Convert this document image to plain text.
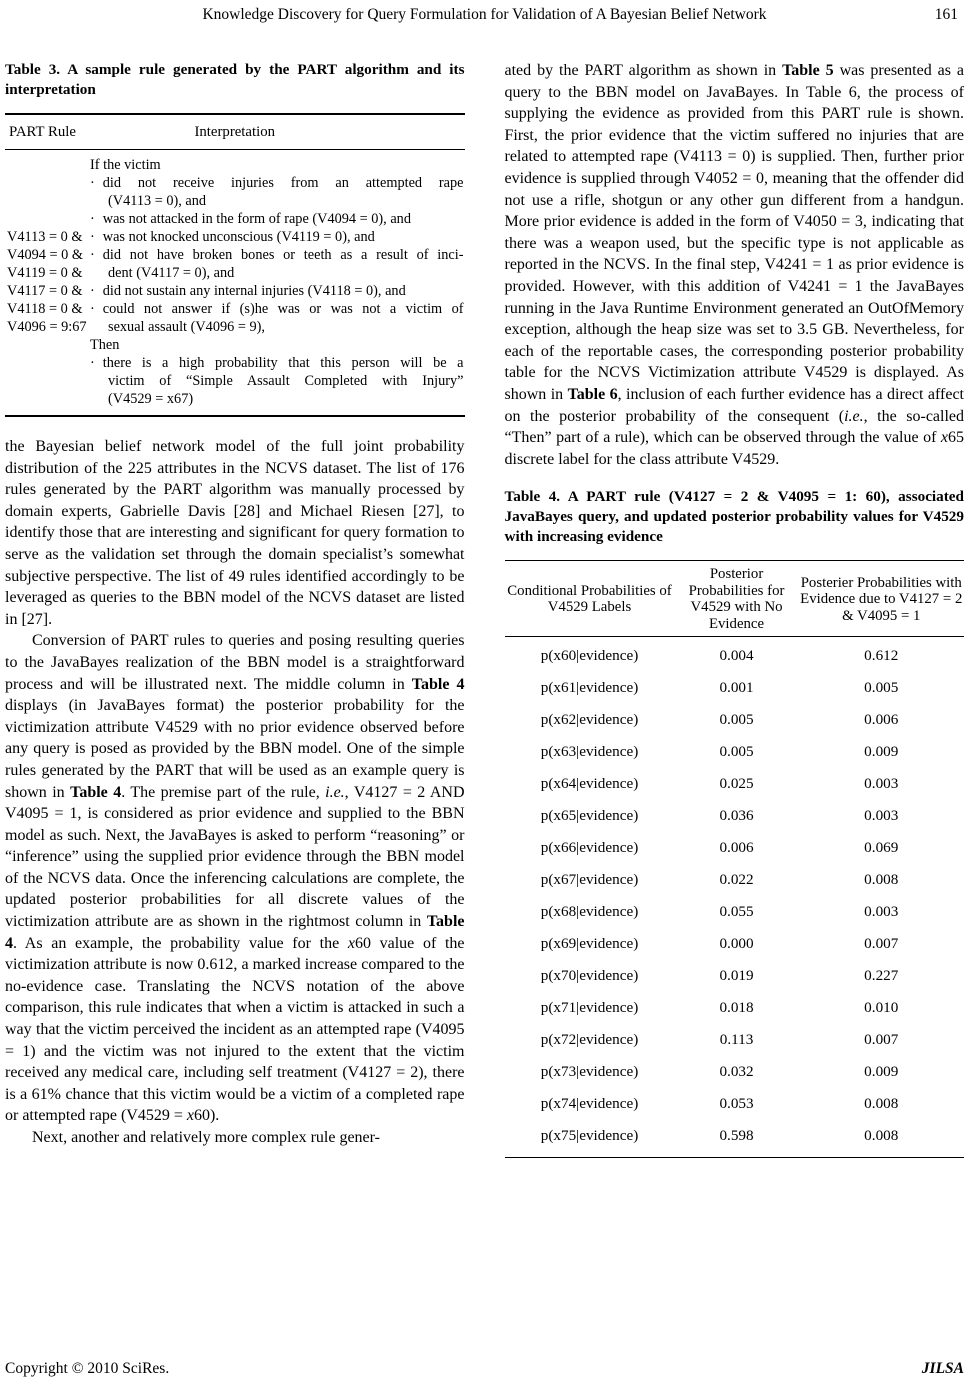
Knowledge Discovery for Query Formulation for Validation of A Bayesian Belief Network	161
Table 3. A sample rule generated by the PART algorithm and its interpretation
PART Rule	Interpretation
If the victim
· did not receive injuries from an attempted rape
(V4113 = 0), and
· was not attacked in the form of rape (V4094 = 0), and
V4113 = 0 & · was not knocked unconscious (V4119 = 0), and
V4094 = 0 & · did not have broken bones or teeth as a result of inci-
V4119 = 0 &	dent (V4117 = 0), and
V4117 = 0 & · did not sustain any internal injuries (V4118 = 0), and
V4118 = 0 & · could not answer if (s)he was or was not a victim of
V4096 = 9:67	sexual assault (V4096 = 9),
Then
· there is a high probability that this person will be a
victim of “Simple Assault Completed with Injury”
(V4529 = x67)

the Bayesian belief network model of the full joint probability distribution of the 225 attributes in the NCVS dataset. The list of 176 rules generated by the PART algorithm was manually processed by domain experts, Gabrielle Davis [28] and Michael Riesen [27], to identify those that are interesting and significant for query formation to serve as the validation set through the domain specialist’s somewhat subjective perspective. The list of 49 rules identified accordingly to be leveraged as queries to the BBN model of the NCVS dataset are listed in [27].

Conversion of PART rules to queries and posing resulting queries to the JavaBayes realization of the BBN model is a straightforward process and will be illustrated next. The middle column in Table 4 displays (in JavaBayes format) the posterior probability for the victimization attribute V4529 with no prior evidence observed before any query is posed as provided by the BBN model. One of the simple rules generated by the PART that will be used as an example query is shown in Table 4. The premise part of the rule, i.e., V4127 = 2 AND V4095 = 1, is considered as prior evidence and supplied to the BBN model as such. Next, the JavaBayes is asked to perform “reasoning” or “inference” using the supplied prior evidence through the BBN model of the NCVS data. Once the inferencing calculations are complete, the updated posterior probabilities for all discrete values of the victimization attribute are as shown in the rightmost column in Table 4. As an example, the probability value for the x60 value of the victimization attribute is now 0.612, a marked increase compared to the no-evidence case. Translating the NCVS notation of the above comparison, this rule indicates that when a victim is attacked in such a way that the victim perceived the incident as an attempted rape (V4095 = 1) and the victim was not injured to the extent that the victim received any medical care, including self treatment (V4127 = 2), there is a 61% chance that this victim would be a victim of a completed rape or attempted rape (V4529 = x60).

Next, another and relatively more complex rule gener-

ated by the PART algorithm as shown in Table 5 was presented as a query to the BBN model on JavaBayes. In Table 6, the process of supplying the evidence as provided from this PART rule is shown. First, the prior evidence that the victim suffered no injuries that are related to attempted rape (V4113 = 0) is supplied. Then, further prior evidence is supplied through V4052 = 0, meaning that the offender did not use a rifle, shotgun or any other gun different from a handgun. More prior evidence is added in the form of V4050 = 3, indicating that there was a weapon used, but the specific type is not applicable as reported in the NCVS. In the final step, V4241 = 1 as prior evidence is provided. However, with this addition of V4241 = 1 the JavaBayes running in the Java Runtime Environment generated an OutOfMemory exception, although the heap size was set to 3.5 GB. Nevertheless, for each of the reportable cases, the corresponding posterior probability table for the NCVS Victimization attribute V4529 is displayed. As shown in Table 6, inclusion of each further evidence has a direct affect on the posterior probability of the consequent (i.e., the so-called “Then” part of a rule), which can be observed through the value of x65 discrete label for the class attribute V4529.

Table 4. A PART rule (V4127 = 2 & V4095 = 1: 60), associated JavaBayes query, and updated posterior probability values for V4529 with increasing evidence
Conditional Probabilities of V4529 Labels
Posterior Probabilities for V4529 with No Evidence
Posterier Probabilities with Evidence due to V4127 = 2 & V4095 = 1
p(x60|evidence)	0.004	0.612
p(x61|evidence)	0.001	0.005
p(x62|evidence)	0.005	0.006
p(x63|evidence)	0.005	0.009
p(x64|evidence)	0.025	0.003
p(x65|evidence)	0.036	0.003
p(x66|evidence)	0.006	0.069
p(x67|evidence)	0.022	0.008
p(x68|evidence)	0.055	0.003
p(x69|evidence)	0.000	0.007
p(x70|evidence)	0.019	0.227
p(x71|evidence)	0.018	0.010
p(x72|evidence)	0.113	0.007
p(x73|evidence)	0.032	0.009
p(x74|evidence)	0.053	0.008
p(x75|evidence)	0.598	0.008
Copyright © 2010 SciRes.	JILSA
